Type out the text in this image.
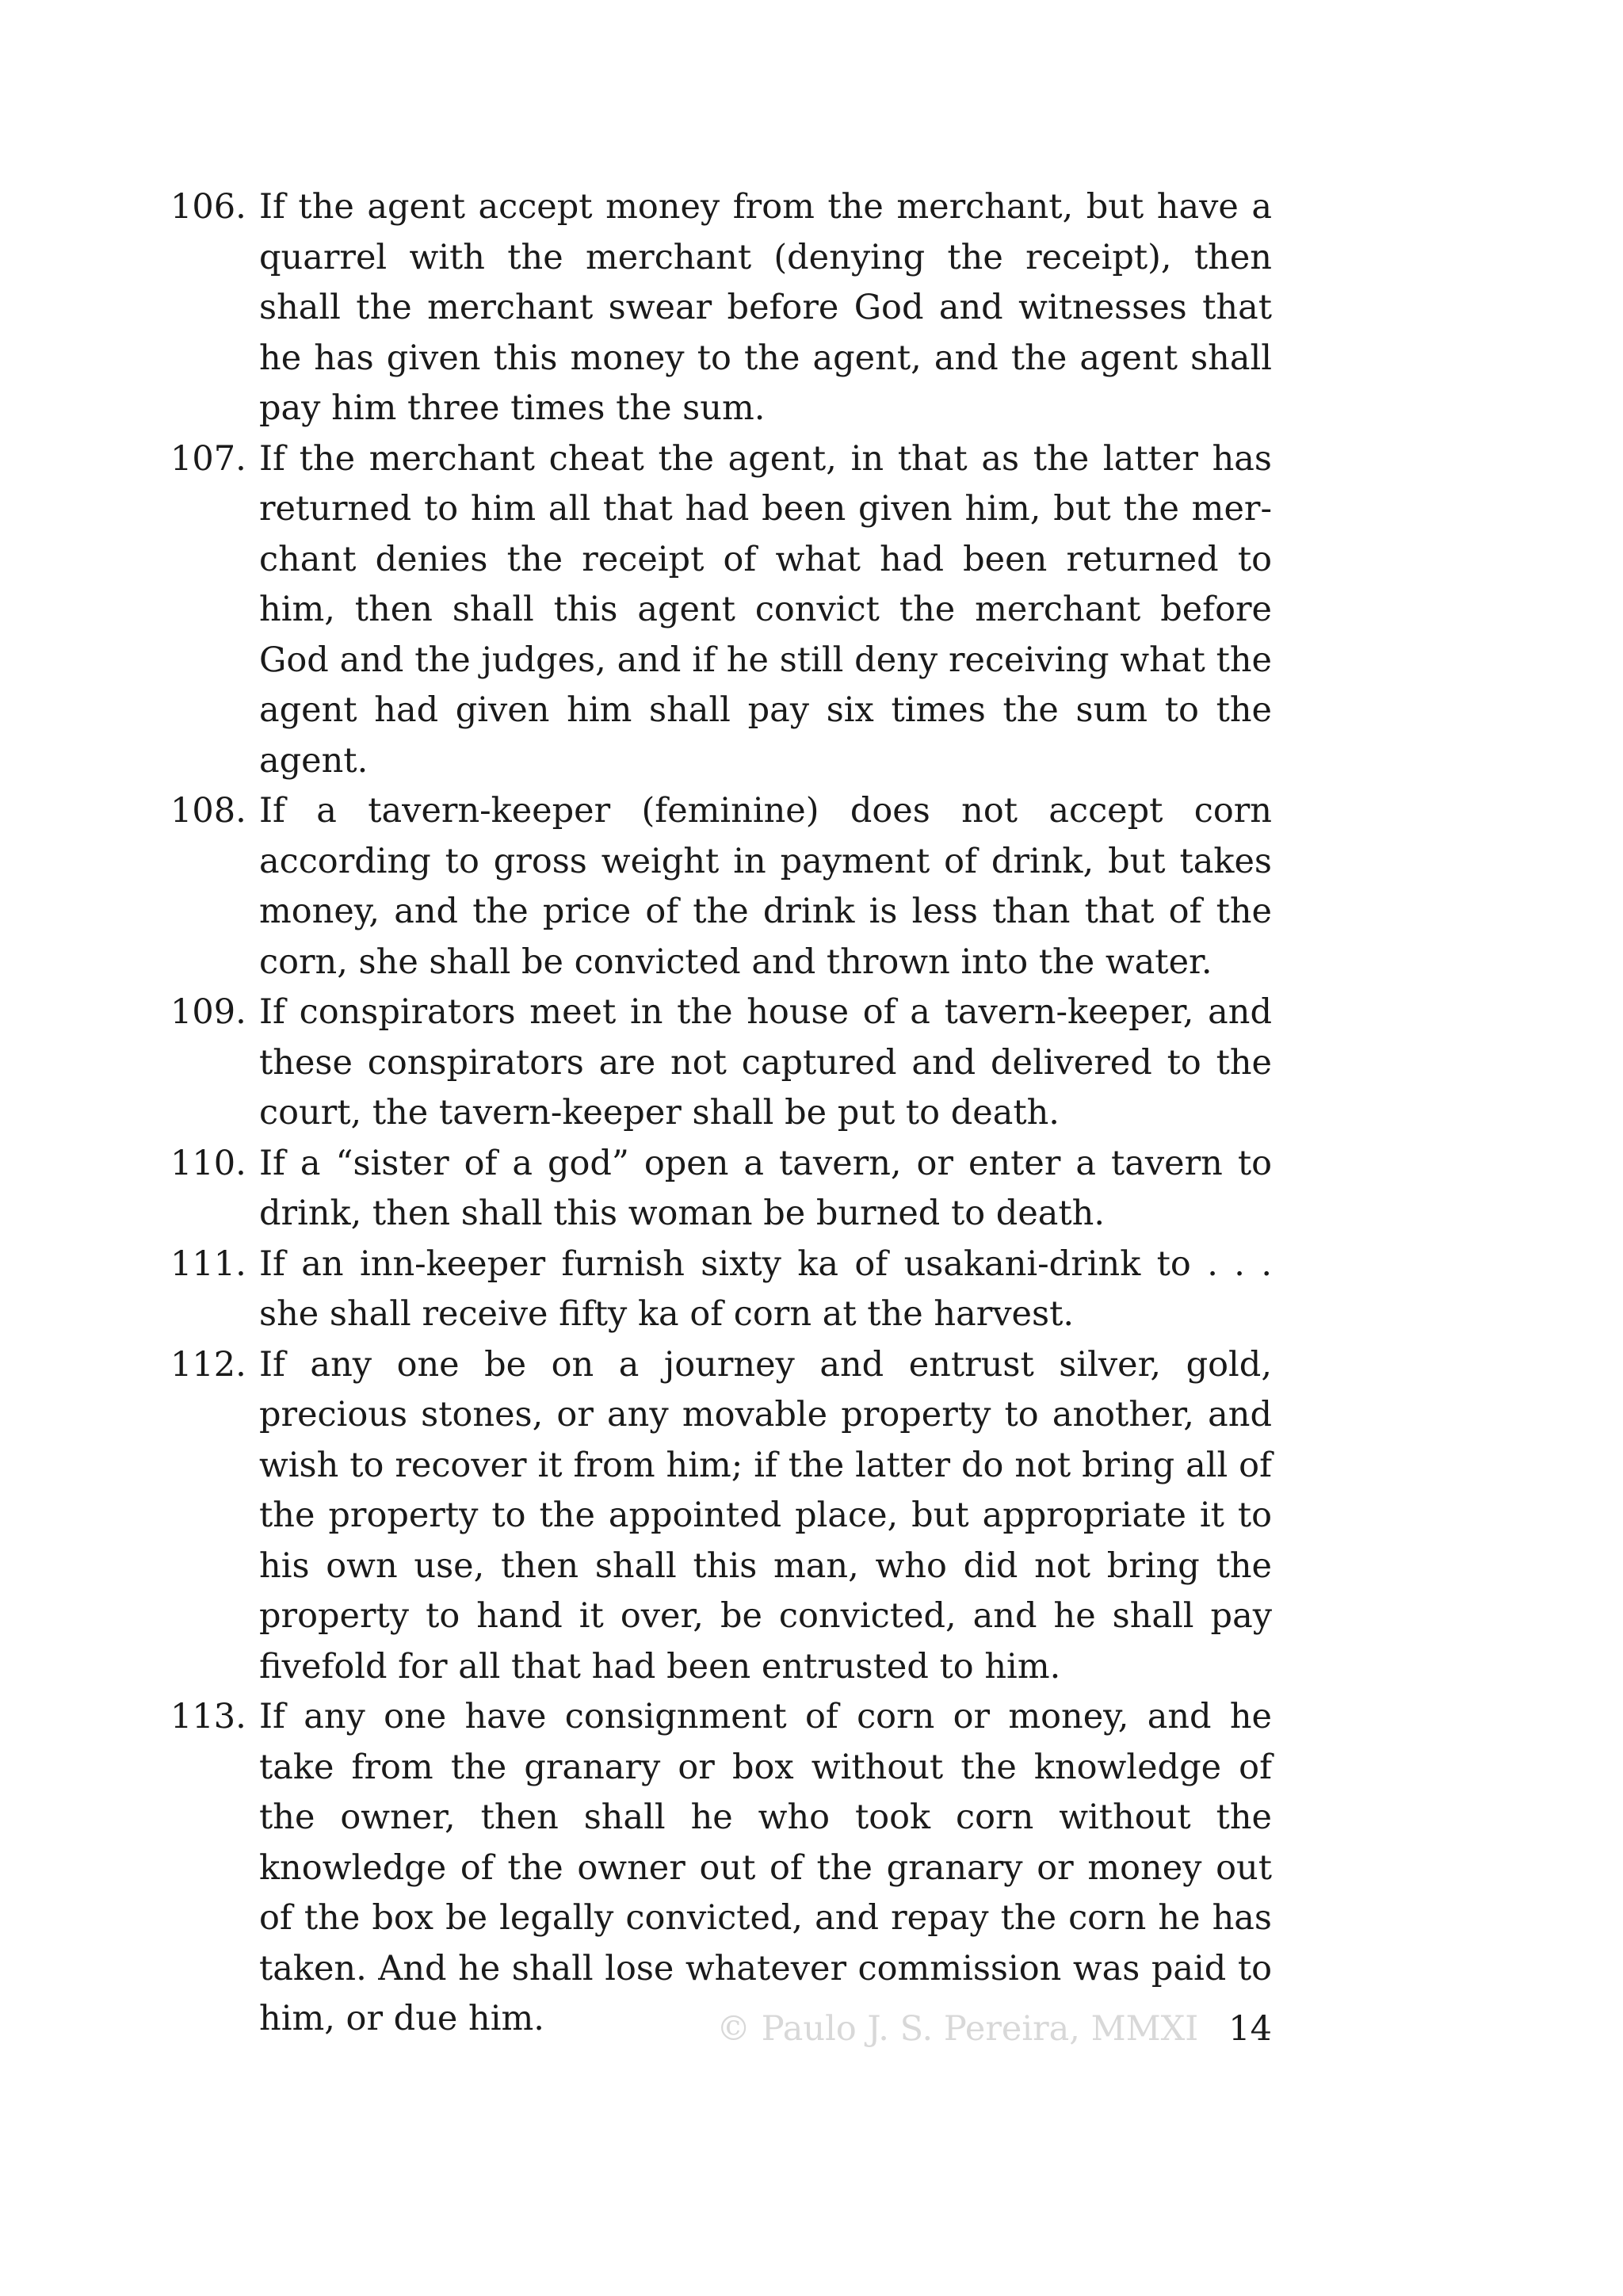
106. If the agent accept money from the merchant, but have a quarrel with the merchant (denying the receipt), then shall the merchant swear before God and witnesses that he has given this money to the agent, and the agent shall pay him three times the sum.
107. If the merchant cheat the agent, in that as the latter has returned to him all that had been given him, but the merchant denies the receipt of what had been returned to him, then shall this agent convict the merchant before God and the judges, and if he still deny receiving what the agent had given him shall pay six times the sum to the agent.
108. If a tavern-keeper (feminine) does not accept corn according to gross weight in payment of drink, but takes money, and the price of the drink is less than that of the corn, she shall be convicted and thrown into the water.
109. If conspirators meet in the house of a tavern-keeper, and these conspirators are not captured and delivered to the court, the tavern-keeper shall be put to death.
110. If a “sister of a god” open a tavern, or enter a tavern to drink, then shall this woman be burned to death.
111. If an inn-keeper furnish sixty ka of usakani-drink to . . . she shall receive fifty ka of corn at the harvest.
112. If any one be on a journey and entrust silver, gold, precious stones, or any movable property to another, and wish to recover it from him; if the latter do not bring all of the property to the appointed place, but appropriate it to his own use, then shall this man, who did not bring the property to hand it over, be convicted, and he shall pay fivefold for all that had been entrusted to him.
113. If any one have consignment of corn or money, and he take from the granary or box without the knowledge of the owner, then shall he who took corn without the knowledge of the owner out of the granary or money out of the box be legally convicted, and repay the corn he has taken. And he shall lose whatever commission was paid to him, or due him.	© Paulo J. S. Pereira, MMXI 14
